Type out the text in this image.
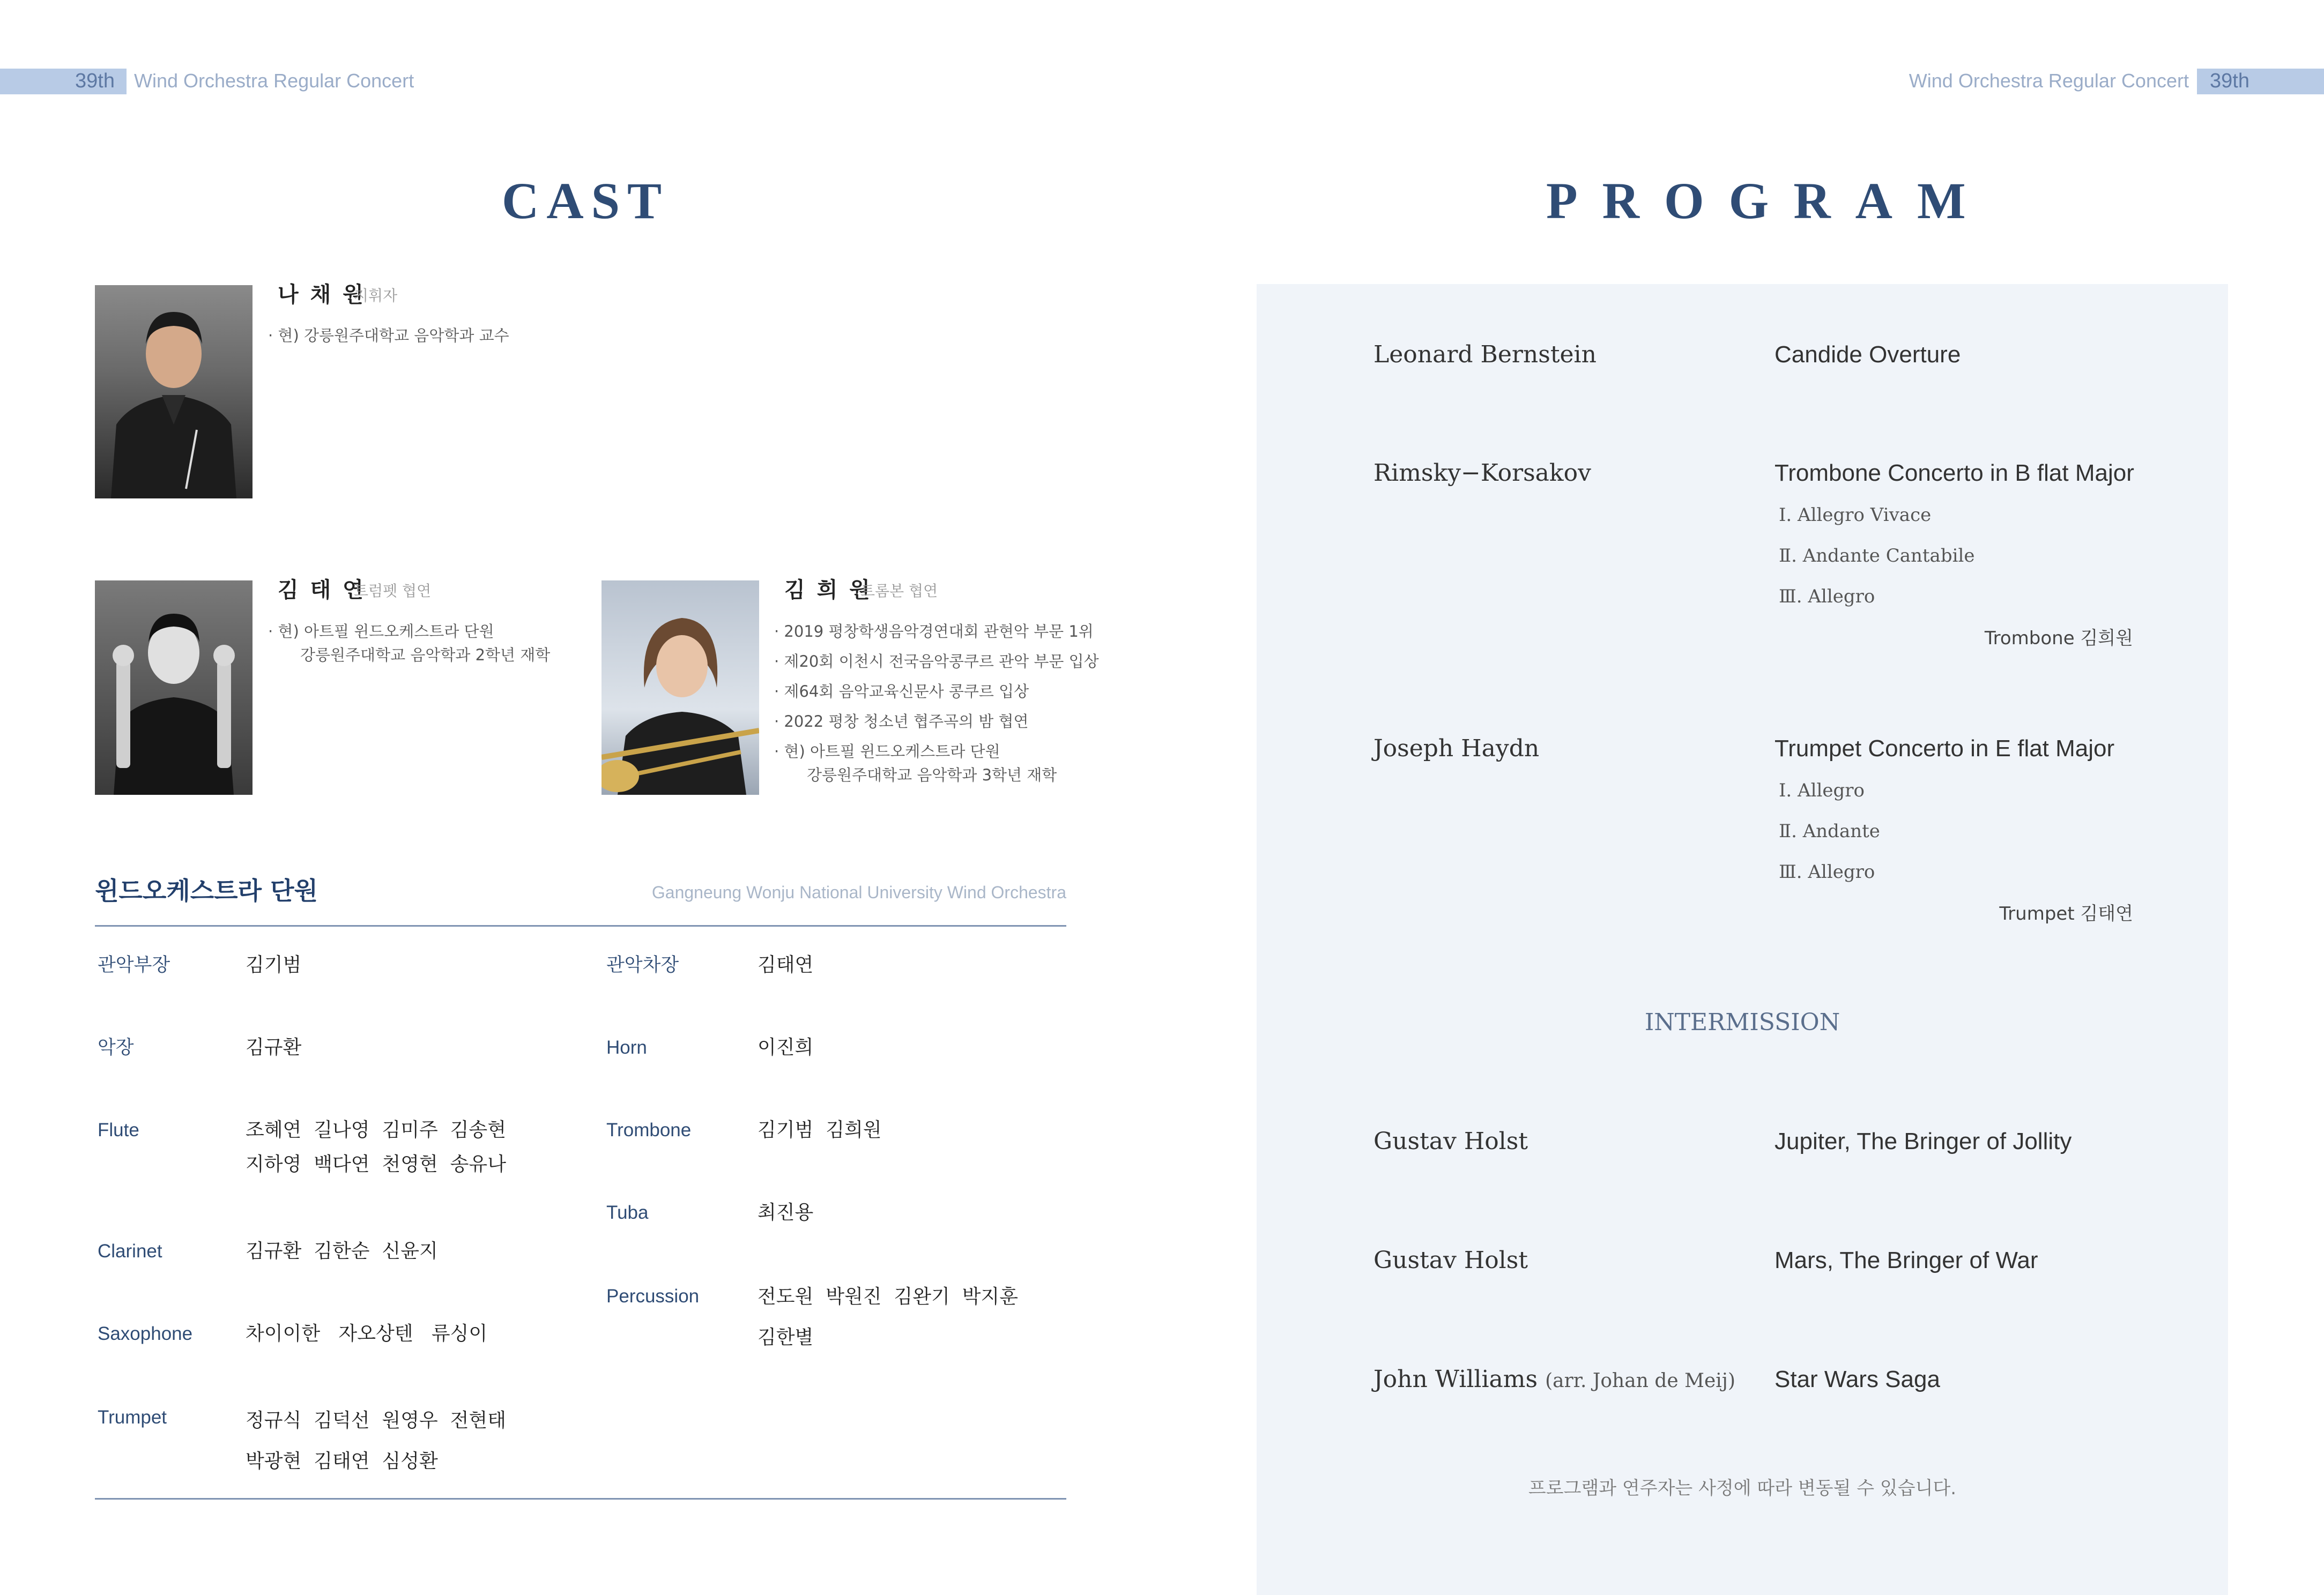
39th Wind Orchestra Regular Concert	Wind Orchestra Regular Concert 39th
CAST
나 채 원
지휘자
· 현) 강릉원주대학교 음악학과 교수
김 태 연
트럼펫 협연
· 현) 아트필 윈드오케스트라 단원
강릉원주대학교 음악학과 2학년 재학
김 희 원
트롬본 협연
· 2019 평창학생음악경연대회 관현악 부문 1위
· 제20회 이천시 전국음악콩쿠르 관악 부문 입상
· 제64회 음악교육신문사 콩쿠르 입상
· 2022 평창 청소년 협주곡의 밤 협연
· 현) 아트필 윈드오케스트라 단원
강릉원주대학교 음악학과 3학년 재학
윈드오케스트라 단원	Gangneung Wonju National University Wind Orchestra
관악부장	김기범
악장	김규환
Flute	조혜연  길나영  김미주  김송현
지하영  백다연  천영현  송유나
Clarinet	김규환  김한순  신윤지
Saxophone	차이이한   자오상텐   류싱이
Trumpet	정규식  김덕선  원영우  전현태
박광현  김태연  심성환
관악차장	김태연
Horn	이진희
Trombone	김기범  김희원
Tuba	최진용
Percussion	전도원  박원진  김완기  박지훈
김한별
PROGRAM
Leonard Bernstein	Candide Overture
Rimsky−Korsakov	Trombone Concerto in B flat Major
Ⅰ. Allegro Vivace
Ⅱ. Andante Cantabile
Ⅲ. Allegro
Trombone 김희원
Joseph Haydn	Trumpet Concerto in E flat Major
Ⅰ. Allegro
Ⅱ. Andante
Ⅲ. Allegro
Trumpet 김태연
INTERMISSION
Gustav Holst	Jupiter, The Bringer of Jollity
Gustav Holst	Mars, The Bringer of War
John Williams (arr. Johan de Meij) Star Wars Saga
프로그램과 연주자는 사정에 따라 변동될 수 있습니다.
